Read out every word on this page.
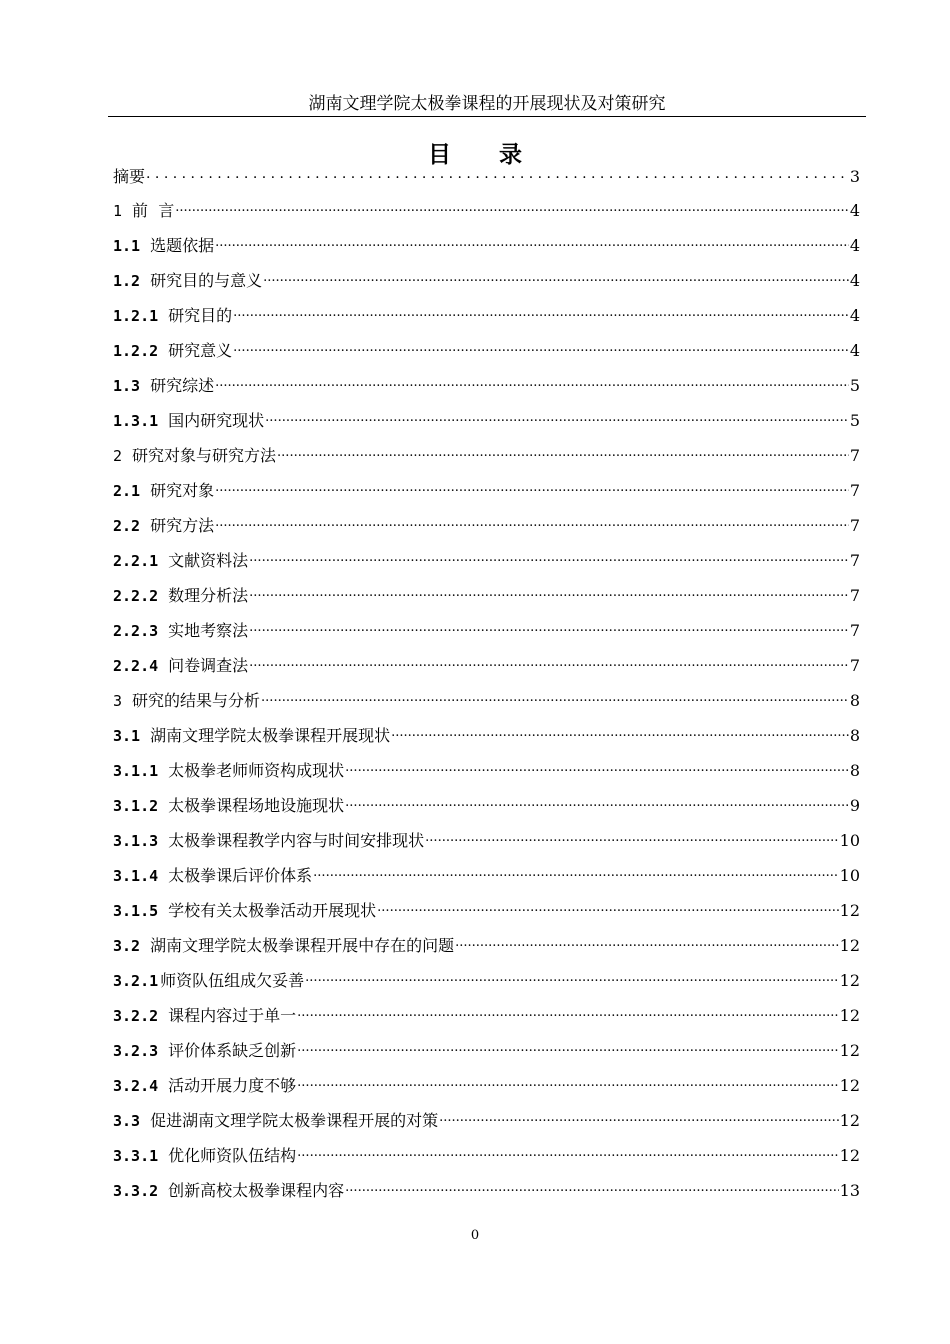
湖南文理学院太极拳课程的开展现状及对策研究
目 录
摘要 . . .	3
1 前  言 .....	4
1.1 选题依据 .....	4
1.2 研究目的与意义 .....	4
1.2.1 研究目的 .....	4
1.2.2 研究意义 .....	4
1.3 研究综述 .....	5
1.3.1 国内研究现状 .....	5
2 研究对象与研究方法 .....	7
2.1 研究对象 .....	7
2.2 研究方法 .....	7
2.2.1 文献资料法 .....	7
2.2.2 数理分析法 .....	7
2.2.3 实地考察法 .....	7
2.2.4 问卷调查法 .....	7
3 研究的结果与分析 .....	8
3.1 湖南文理学院太极拳课程开展现状 .....	8
3.1.1 太极拳老师师资构成现状 .....	8
3.1.2 太极拳课程场地设施现状 .....	9
3.1.3 太极拳课程教学内容与时间安排现状 .....	10
3.1.4 太极拳课后评价体系 .....	10
3.1.5 学校有关太极拳活动开展现状 .....	12
3.2 湖南文理学院太极拳课程开展中存在的问题 .....	12
3.2.1 师资队伍组成欠妥善 .....	12
3.2.2 课程内容过于单一 .....	12
3.2.3 评价体系缺乏创新 .....	12
3.2.4 活动开展力度不够 .....	12
3.3 促进湖南文理学院太极拳课程开展的对策 .....	12
3.3.1 优化师资队伍结构 .....	12
3.3.2 创新高校太极拳课程内容 .....	13
0
